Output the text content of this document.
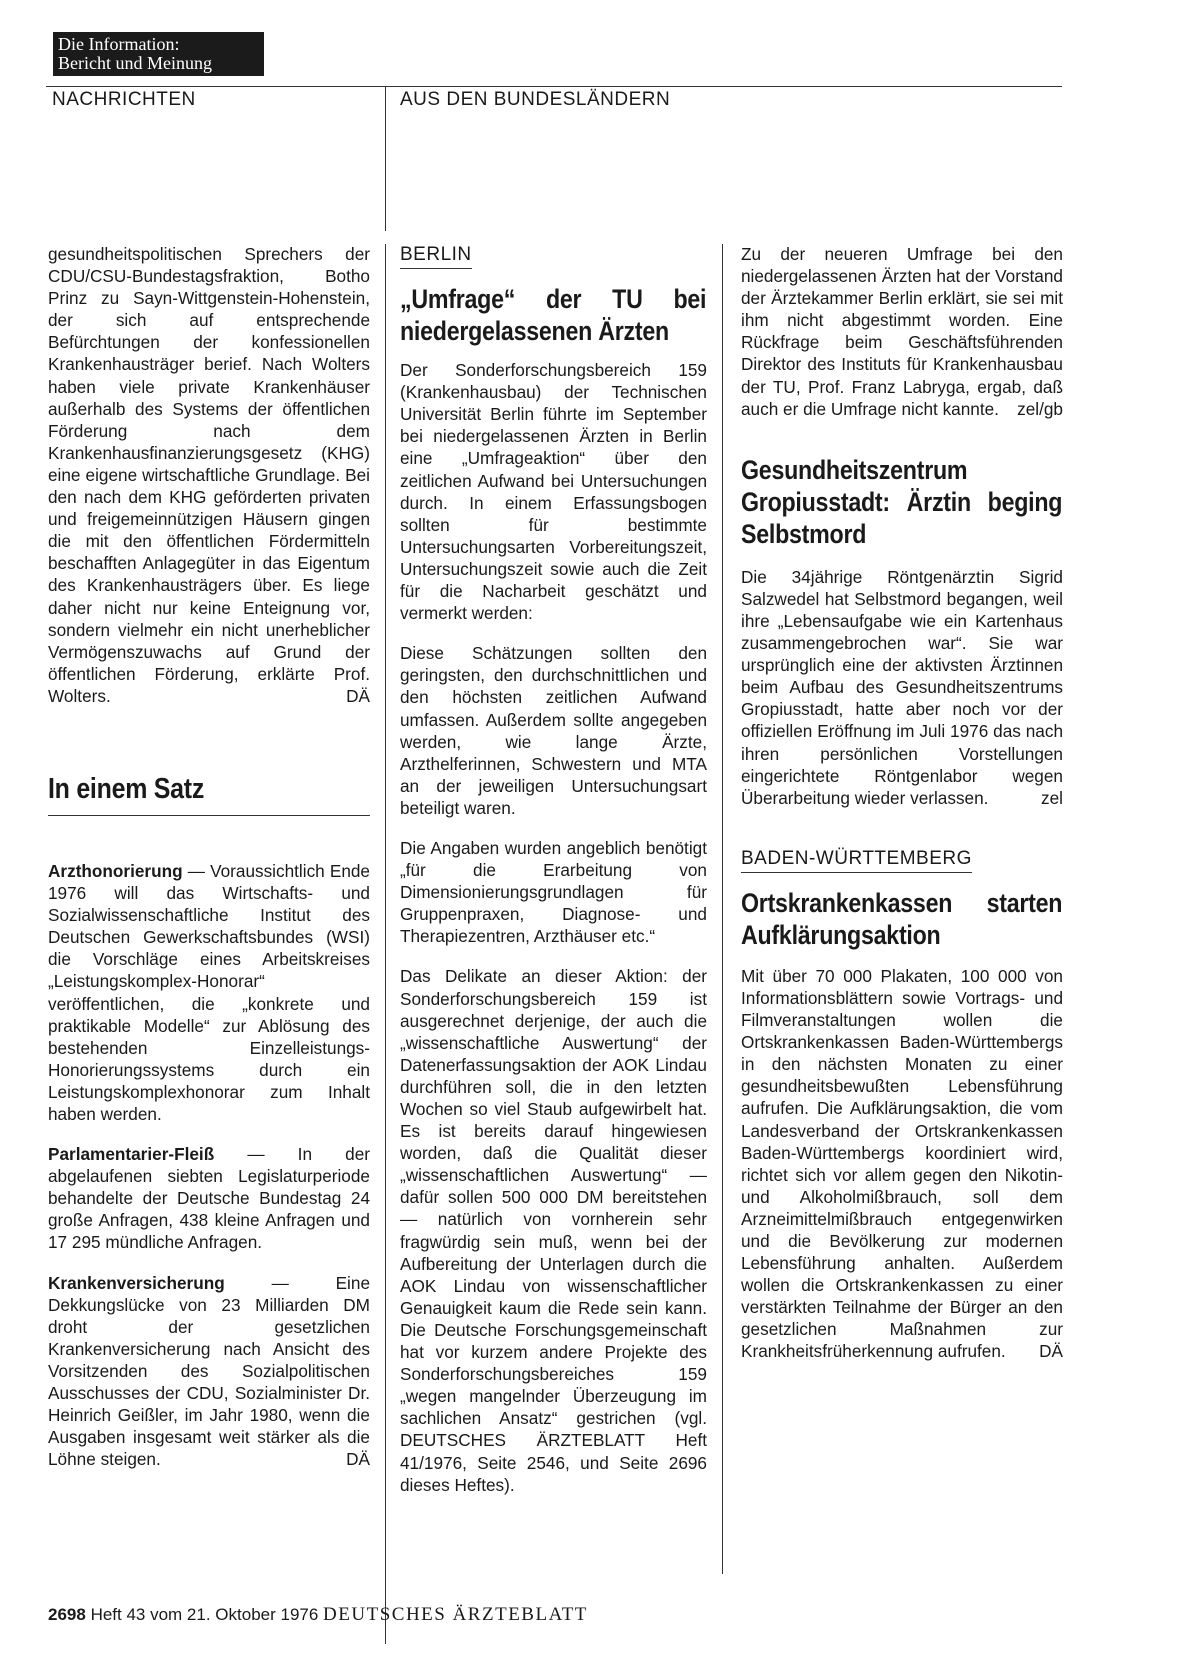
Die Information:
Bericht und Meinung
NACHRICHTEN	AUS DEN BUNDESLÄNDERN

gesundheitspolitischen Sprechers der CDU/CSU-Bundestagsfraktion, Botho Prinz zu Sayn-Wittgenstein-Hohenstein, der sich auf entsprechende Befürchtungen der konfessionellen Krankenhausträger berief. Nach Wolters haben viele private Krankenhäuser außerhalb des Systems der öffentlichen Förderung nach dem Krankenhausfinanzierungsgesetz (KHG) eine eigene wirtschaftliche Grundlage. Bei den nach dem KHG geförderten privaten und freigemeinnützigen Häusern gingen die mit den öffentlichen Fördermitteln beschafften Anlagegüter in das Eigentum des Krankenhausträgers über. Es liege daher nicht nur keine Enteignung vor, sondern vielmehr ein nicht unerheblicher Vermögenszuwachs auf Grund der öffentlichen Förderung, erklärte Prof. Wolters.	DÄ

In einem Satz

Arzthonorierung — Voraussichtlich Ende 1976 will das Wirtschafts- und Sozialwissenschaftliche Institut des Deutschen Gewerkschaftsbundes (WSI) die Vorschläge eines Arbeitskreises „Leistungskomplex-Honorar“ veröffentlichen, die „konkrete und praktikable Modelle“ zur Ablösung des bestehenden Einzelleistungs-Honorierungssystems durch ein Leistungskomplexhonorar zum Inhalt haben werden.

Parlamentarier-Fleiß — In der abgelaufenen siebten Legislaturperiode behandelte der Deutsche Bundestag 24 große Anfragen, 438 kleine Anfragen und 17 295 mündliche Anfragen.

Krankenversicherung — Eine Dekkungslücke von 23 Milliarden DM droht der gesetzlichen Krankenversicherung nach Ansicht des Vorsitzenden des Sozialpolitischen Ausschusses der CDU, Sozialminister Dr. Heinrich Geißler, im Jahr 1980, wenn die Ausgaben insgesamt weit stärker als die Löhne steigen.	DÄ

BERLIN
„Umfrage“ der TU bei niedergelassenen Ärzten

Der Sonderforschungsbereich 159 (Krankenhausbau) der Technischen Universität Berlin führte im September bei niedergelassenen Ärzten in Berlin eine „Umfrageaktion“ über den zeitlichen Aufwand bei Untersuchungen durch. In einem Erfassungsbogen sollten für bestimmte Untersuchungsarten Vorbereitungszeit, Untersuchungszeit sowie auch die Zeit für die Nacharbeit geschätzt und vermerkt werden:

Diese Schätzungen sollten den geringsten, den durchschnittlichen und den höchsten zeitlichen Aufwand umfassen. Außerdem sollte angegeben werden, wie lange Ärzte, Arzthelferinnen, Schwestern und MTA an der jeweiligen Untersuchungsart beteiligt waren.

Die Angaben wurden angeblich benötigt „für die Erarbeitung von Dimensionierungsgrundlagen für Gruppenpraxen, Diagnose- und Therapiezentren, Arzthäuser etc.“

Das Delikate an dieser Aktion: der Sonderforschungsbereich 159 ist ausgerechnet derjenige, der auch die „wissenschaftliche Auswertung“ der Datenerfassungsaktion der AOK Lindau durchführen soll, die in den letzten Wochen so viel Staub aufgewirbelt hat. Es ist bereits darauf hingewiesen worden, daß die Qualität dieser „wissenschaftlichen Auswertung“ — dafür sollen 500 000 DM bereitstehen — natürlich von vornherein sehr fragwürdig sein muß, wenn bei der Aufbereitung der Unterlagen durch die AOK Lindau von wissenschaftlicher Genauigkeit kaum die Rede sein kann. Die Deutsche Forschungsgemeinschaft hat vor kurzem andere Projekte des Sonderforschungsbereiches 159 „wegen mangelnder Überzeugung im sachlichen Ansatz“ gestrichen (vgl. DEUTSCHES ÄRZTEBLATT Heft 41/1976, Seite 2546, und Seite 2696 dieses Heftes).

Zu der neueren Umfrage bei den niedergelassenen Ärzten hat der Vorstand der Ärztekammer Berlin erklärt, sie sei mit ihm nicht abgestimmt worden. Eine Rückfrage beim Geschäftsführenden Direktor des Instituts für Krankenhausbau der TU, Prof. Franz Labryga, ergab, daß auch er die Umfrage nicht kannte. zel/gb

Gesundheitszentrum Gropiusstadt: Ärztin beging Selbstmord

Die 34jährige Röntgenärztin Sigrid Salzwedel hat Selbstmord begangen, weil ihre „Lebensaufgabe wie ein Kartenhaus zusammengebrochen war“. Sie war ursprünglich eine der aktivsten Ärztinnen beim Aufbau des Gesundheitszentrums Gropiusstadt, hatte aber noch vor der offiziellen Eröffnung im Juli 1976 das nach ihren persönlichen Vorstellungen eingerichtete Röntgenlabor wegen Überarbeitung wieder verlassen.	zel

BADEN-WÜRTTEMBERG
Ortskrankenkassen starten Aufklärungsaktion

Mit über 70 000 Plakaten, 100 000 von Informationsblättern sowie Vortrags- und Filmveranstaltungen wollen die Ortskrankenkassen Baden-Württembergs in den nächsten Monaten zu einer gesundheitsbewußten Lebensführung aufrufen. Die Aufklärungsaktion, die vom Landesverband der Ortskrankenkassen Baden-Württembergs koordiniert wird, richtet sich vor allem gegen den Nikotin- und Alkoholmißbrauch, soll dem Arzneimittelmißbrauch entgegenwirken und die Bevölkerung zur modernen Lebensführung anhalten. Außerdem wollen die Ortskrankenkassen zu einer verstärkten Teilnahme der Bürger an den gesetzlichen Maßnahmen zur Krankheitsfrüherkennung aufrufen. DÄ

2698 Heft 43 vom 21. Oktober 1976 DEUTSCHES ÄRZTEBLATT
